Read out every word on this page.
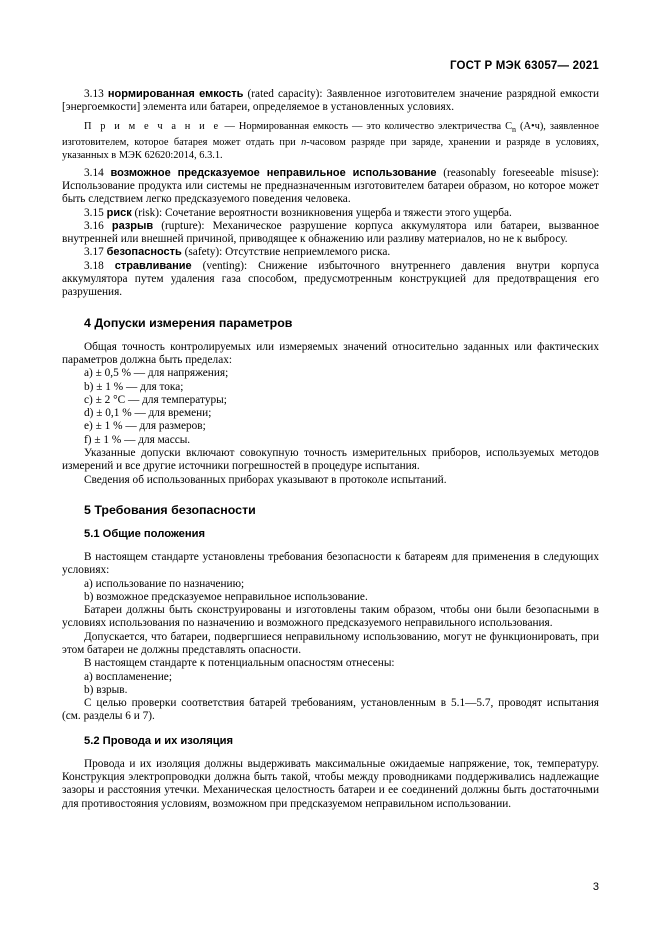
ГОСТ Р МЭК 63057— 2021

3.13 нормированная емкость (rated capacity): Заявленное изготовителем значение разрядной емкости [энергоемкости] элемента или батареи, определяемое в установленных условиях.

П р и м е ч а н и е — Нормированная емкость — это количество электричества $C_n$ (А•ч), заявленное изготовителем, которое батарея может отдать при n-часовом разряде при заряде, хранении и разряде в условиях, указанных в МЭК 62620:2014, 6.3.1.

3.14 возможное предсказуемое неправильное использование (reasonably foreseeable misuse): Использование продукта или системы не предназначенным изготовителем батареи образом, но которое может быть следствием легко предсказуемого поведения человека.

3.15 риск (risk): Сочетание вероятности возникновения ущерба и тяжести этого ущерба.

3.16 разрыв (rupture): Механическое разрушение корпуса аккумулятора или батареи, вызванное внутренней или внешней причиной, приводящее к обнажению или разливу материалов, но не к выбросу.

3.17 безопасность (safety): Отсутствие неприемлемого риска.

3.18 стравливание (venting): Снижение избыточного внутреннего давления внутри корпуса аккумулятора путем удаления газа способом, предусмотренным конструкцией для предотвращения его разрушения.

4 Допуски измерения параметров

Общая точность контролируемых или измеряемых значений относительно заданных или фактических параметров должна быть пределах:

a) ± 0,5 % — для напряжения;
b) ± 1 % — для тока;
c) ± 2 °С — для температуры;
d) ± 0,1 % — для времени;
e) ± 1 % — для размеров;
f) ± 1 % — для массы.

Указанные допуски включают совокупную точность измерительных приборов, используемых методов измерений и все другие источники погрешностей в процедуре испытания.

Сведения об использованных приборах указывают в протоколе испытаний.

5 Требования безопасности
5.1 Общие положения

В настоящем стандарте установлены требования безопасности к батареям для применения в следующих условиях:

a) использование по назначению;
b) возможное предсказуемое неправильное использование.

Батареи должны быть сконструированы и изготовлены таким образом, чтобы они были безопасными в условиях использования по назначению и возможного предсказуемого неправильного использования.

Допускается, что батареи, подвергшиеся неправильному использованию, могут не функционировать, при этом батареи не должны представлять опасности.

В настоящем стандарте к потенциальным опасностям отнесены:

a) воспламенение;
b) взрыв.

С целью проверки соответствия батарей требованиям, установленным в 5.1—5.7, проводят испытания (см. разделы 6 и 7).

5.2 Провода и их изоляция

Провода и их изоляция должны выдерживать максимальные ожидаемые напряжение, ток, температуру. Конструкция электропроводки должна быть такой, чтобы между проводниками поддерживались надлежащие зазоры и расстояния утечки. Механическая целостность батареи и ее соединений должны быть достаточными для противостояния условиям, возможном при предсказуемом неправильном использовании.

3
